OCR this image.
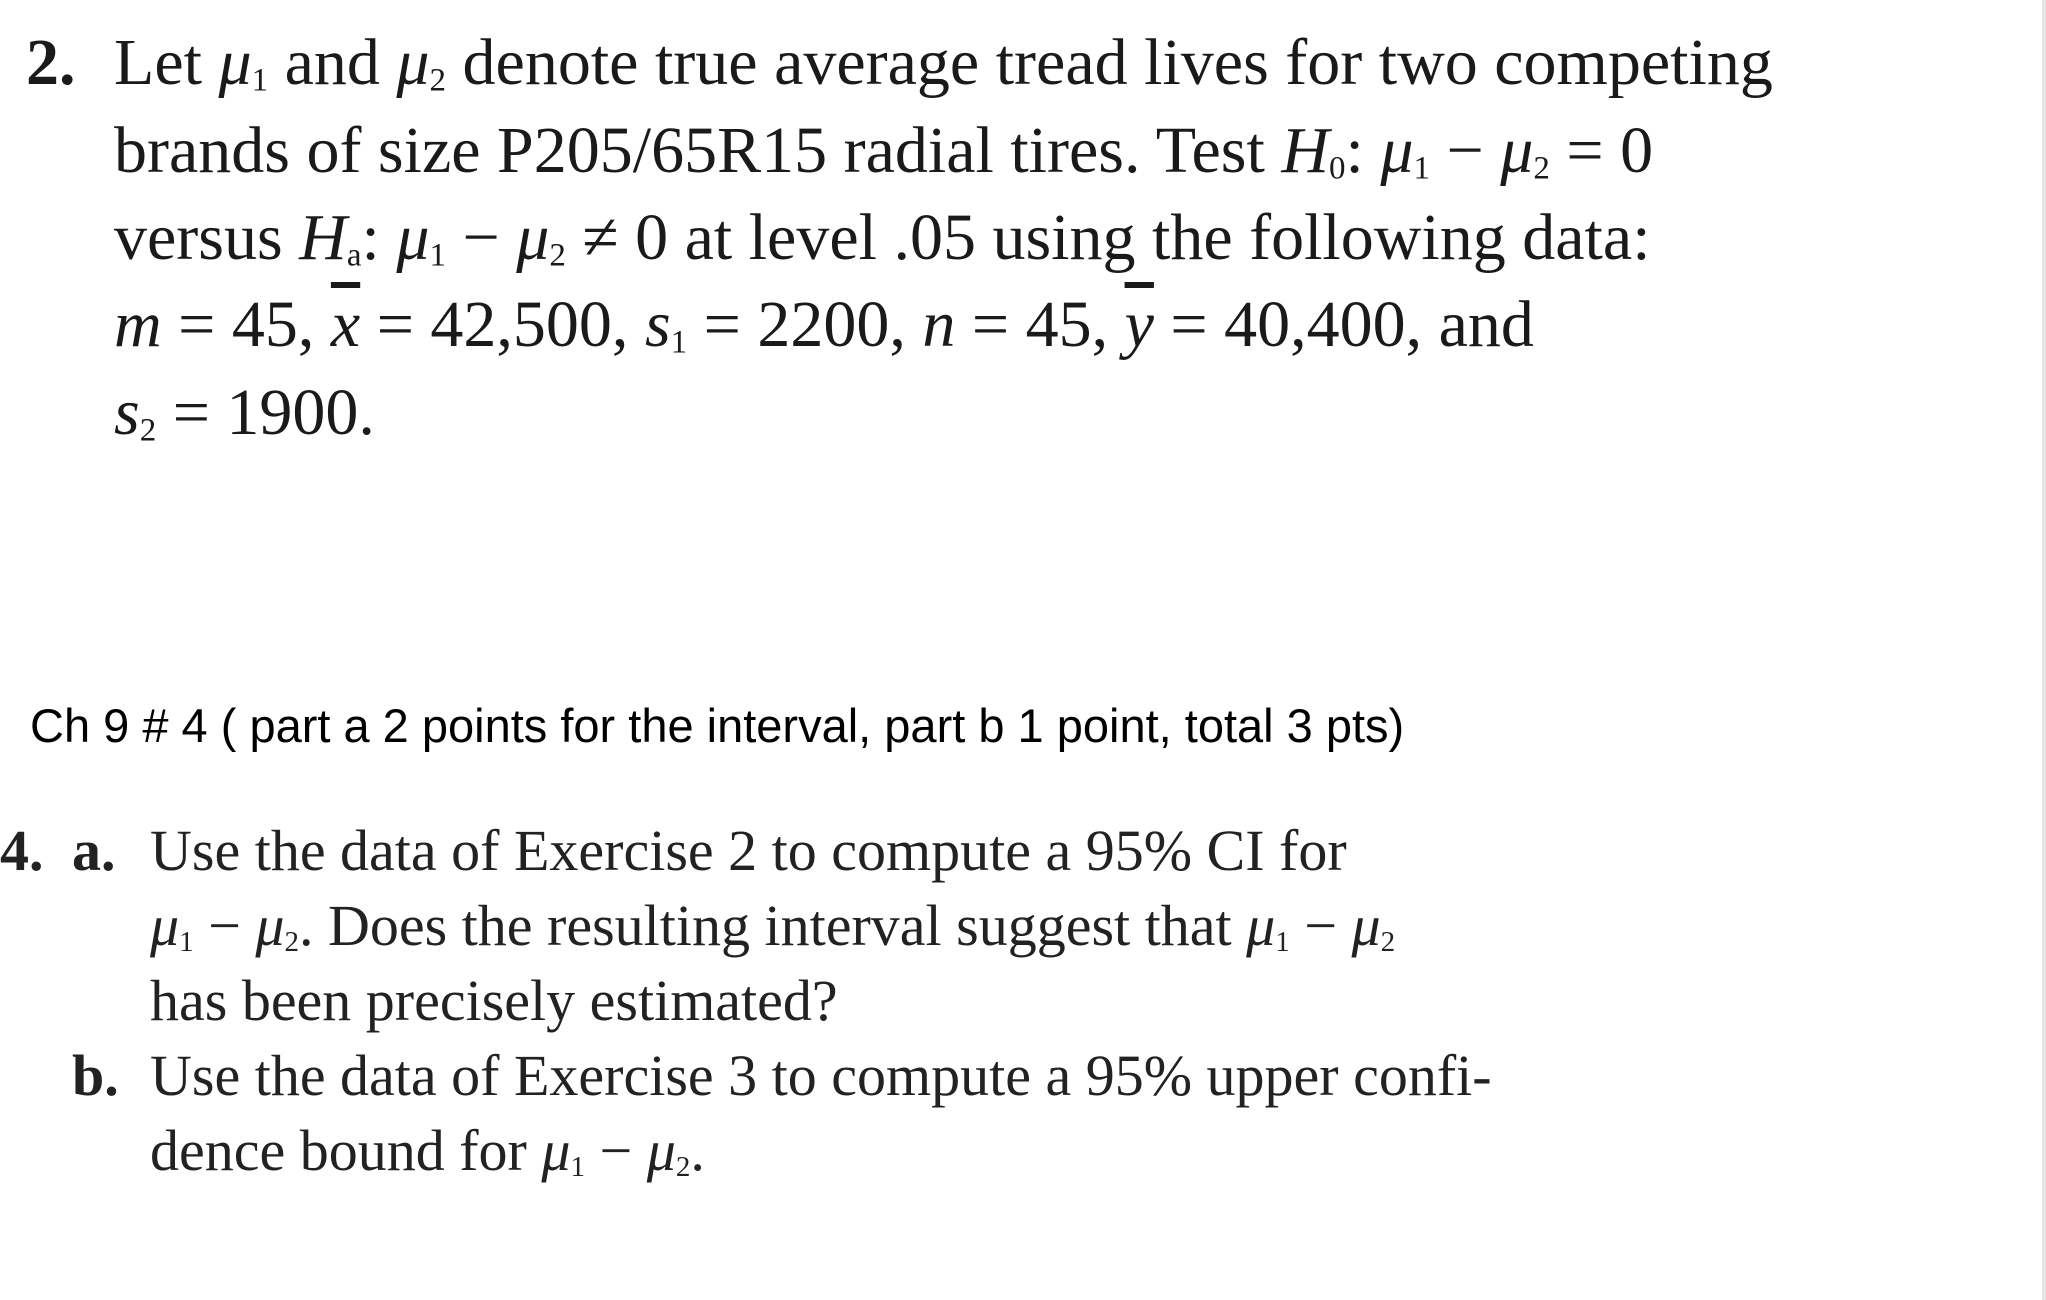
2. Let $\mu_1$ and $\mu_2$ denote true average tread lives for two competing
brands of size P205/65R15 radial tires. Test $H_0$: $\mu_1 - \mu_2 = 0$
versus $H_a$: $\mu_1 - \mu_2 \ne 0$ at level .05 using the following data:
m = 45, $\overline{x} = 42,500$, $s_1 = 2200$, n = 45, $\overline{y} = 40,400$, and
$s_2 = 1900$.
Ch 9 # 4 ( part a 2 points for the interval, part b 1 point, total 3 pts)
4. a. Use the data of Exercise 2 to compute a 95% CI for
$\mu_1 - \mu_2$. Does the resulting interval suggest that $\mu_1 - \mu_2$
has been precisely estimated?
b. Use the data of Exercise 3 to compute a 95% upper confi-
dence bound for $\mu_1 - \mu_2$.
